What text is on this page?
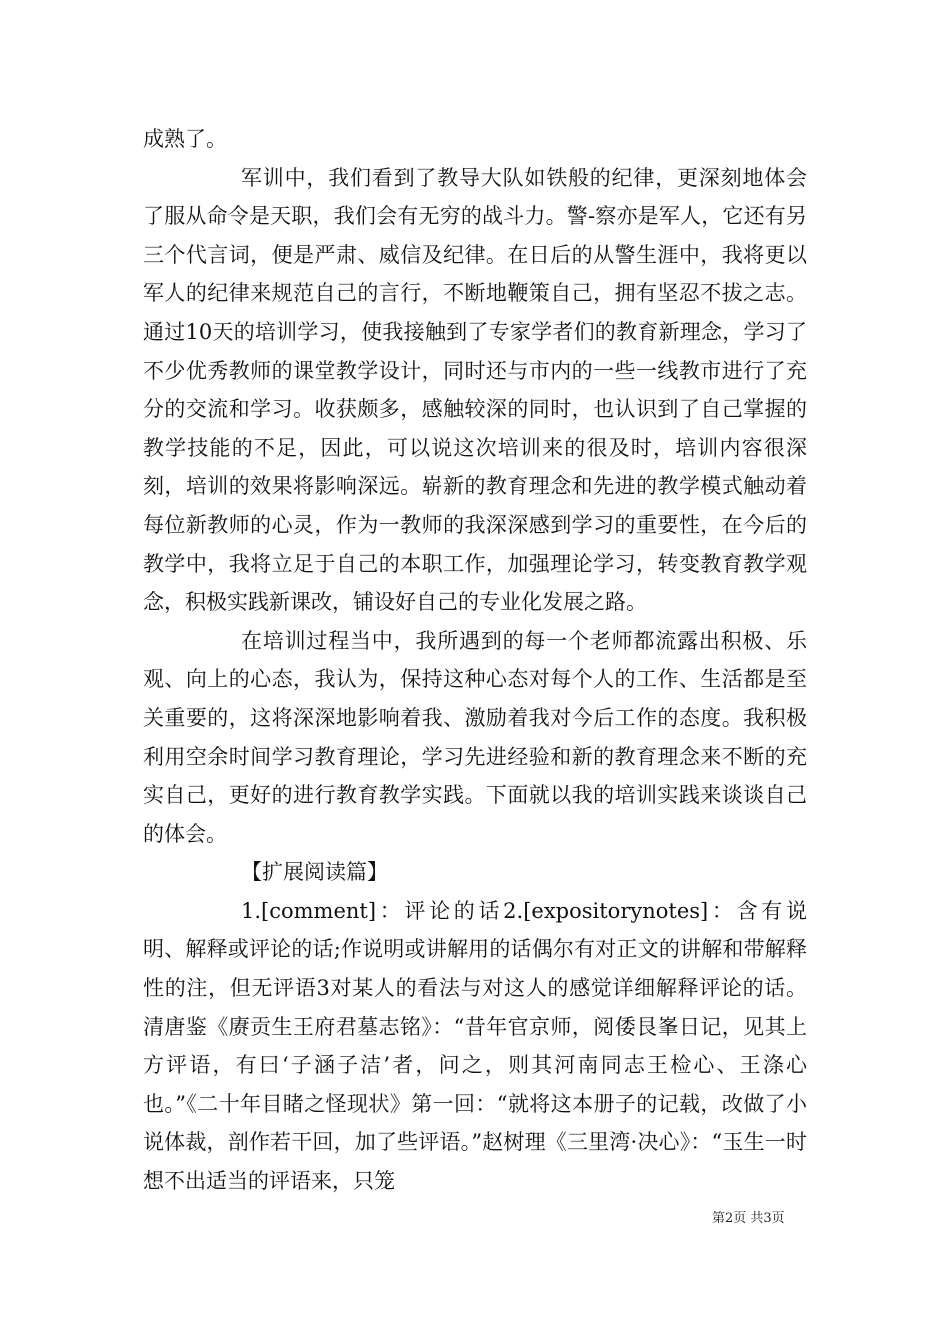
成熟了。

军训中，我们看到了教导大队如铁般的纪律，更深刻地体会了服从命令是天职，我们会有无穷的战斗力。警-察亦是军人，它还有另三个代言词，便是严肃、威信及纪律。在日后的从警生涯中，我将更以军人的纪律来规范自己的言行，不断地鞭策自己，拥有坚忍不拔之志。通过10天的培训学习，使我接触到了专家学者们的教育新理念，学习了不少优秀教师的课堂教学设计，同时还与市内的一些一线教市进行了充分的交流和学习。收获颇多，感触较深的同时，也认识到了自己掌握的教学技能的不足，因此，可以说这次培训来的很及时，培训内容很深刻，培训的效果将影响深远。崭新的教育理念和先进的教学模式触动着每位新教师的心灵，作为一教师的我深深感到学习的重要性，在今后的教学中，我将立足于自己的本职工作，加强理论学习，转变教育教学观念，积极实践新课改，铺设好自己的专业化发展之路。

在培训过程当中，我所遇到的每一个老师都流露出积极、乐观、向上的心态，我认为，保持这种心态对每个人的工作、生活都是至关重要的，这将深深地影响着我、激励着我对今后工作的态度。我积极利用空余时间学习教育理论，学习先进经验和新的教育理念来不断的充实自己，更好的进行教育教学实践。下面就以我的培训实践来谈谈自己的体会。

【扩展阅读篇】

1.[comment]：评论的话2.[expositorynotes]：含有说明、解释或评论的话;作说明或讲解用的话偶尔有对正文的讲解和带解释性的注，但无评语3对某人的看法与对这人的感觉详细解释评论的话。清唐鉴《赓贡生王府君墓志铭》：“昔年官京师，阅倭艮峯日记，见其上方评语，有曰‘子涵子洁’者，问之，则其河南同志王检心、王涤心也。”《二十年目睹之怪现状》第一回：“就将这本册子的记载，改做了小说体裁，剖作若干回，加了些评语。”赵树理《三里湾·决心》：“玉生一时想不出适当的评语来，只笼

第2页 共3页
